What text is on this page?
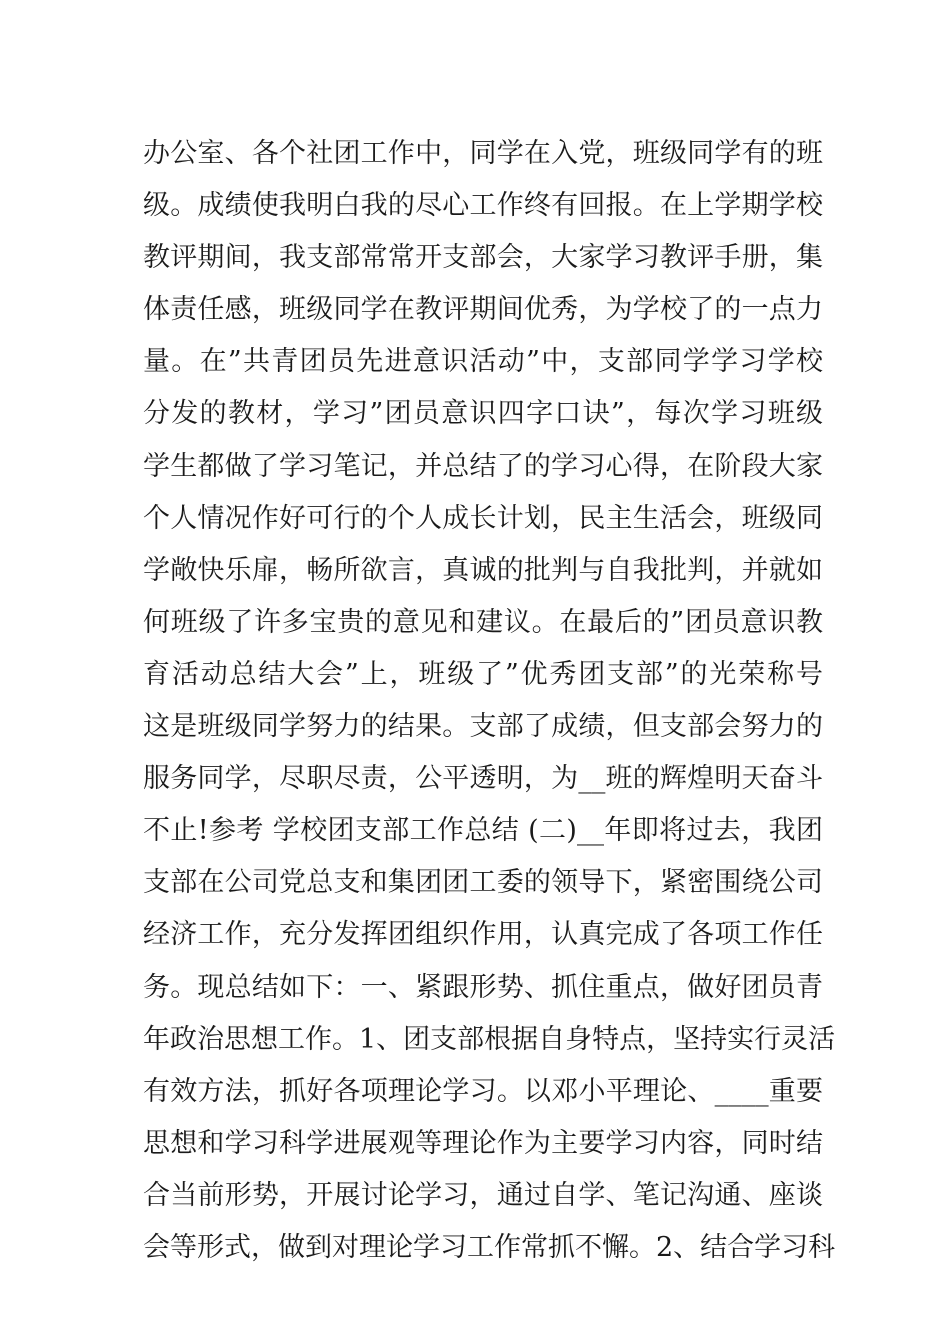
办公室、各个社团工作中，同学在入党，班级同学有的班
级。成绩使我明白我的尽心工作终有回报。在上学期学校
教评期间，我支部常常开支部会，大家学习教评手册，集
体责任感，班级同学在教评期间优秀，为学校了的一点力
量。在”共青团员先进意识活动”中，支部同学学习学校
分发的教材，学习”团员意识四字口诀”，每次学习班级
学生都做了学习笔记，并总结了的学习心得，在阶段大家
个人情况作好可行的个人成长计划，民主生活会，班级同
学敞快乐扉，畅所欲言，真诚的批判与自我批判，并就如
何班级了许多宝贵的意见和建议。在最后的”团员意识教
育活动总结大会”上，班级了”优秀团支部”的光荣称号
这是班级同学努力的结果。支部了成绩，但支部会努力的
服务同学，尽职尽责，公平透明，为__班的辉煌明天奋斗
不止!参考 学校团支部工作总结 (二)__年即将过去，我团
支部在公司党总支和集团团工委的领导下，紧密围绕公司
经济工作，充分发挥团组织作用，认真完成了各项工作任
务。现总结如下：一、紧跟形势、抓住重点，做好团员青
年政治思想工作。1、团支部根据自身特点，坚持实行灵活
有效方法，抓好各项理论学习。以邓小平理论、____重要
思想和学习科学进展观等理论作为主要学习内容，同时结
合当前形势，开展讨论学习，通过自学、笔记沟通、座谈
会等形式，做到对理论学习工作常抓不懈。2、结合学习科
